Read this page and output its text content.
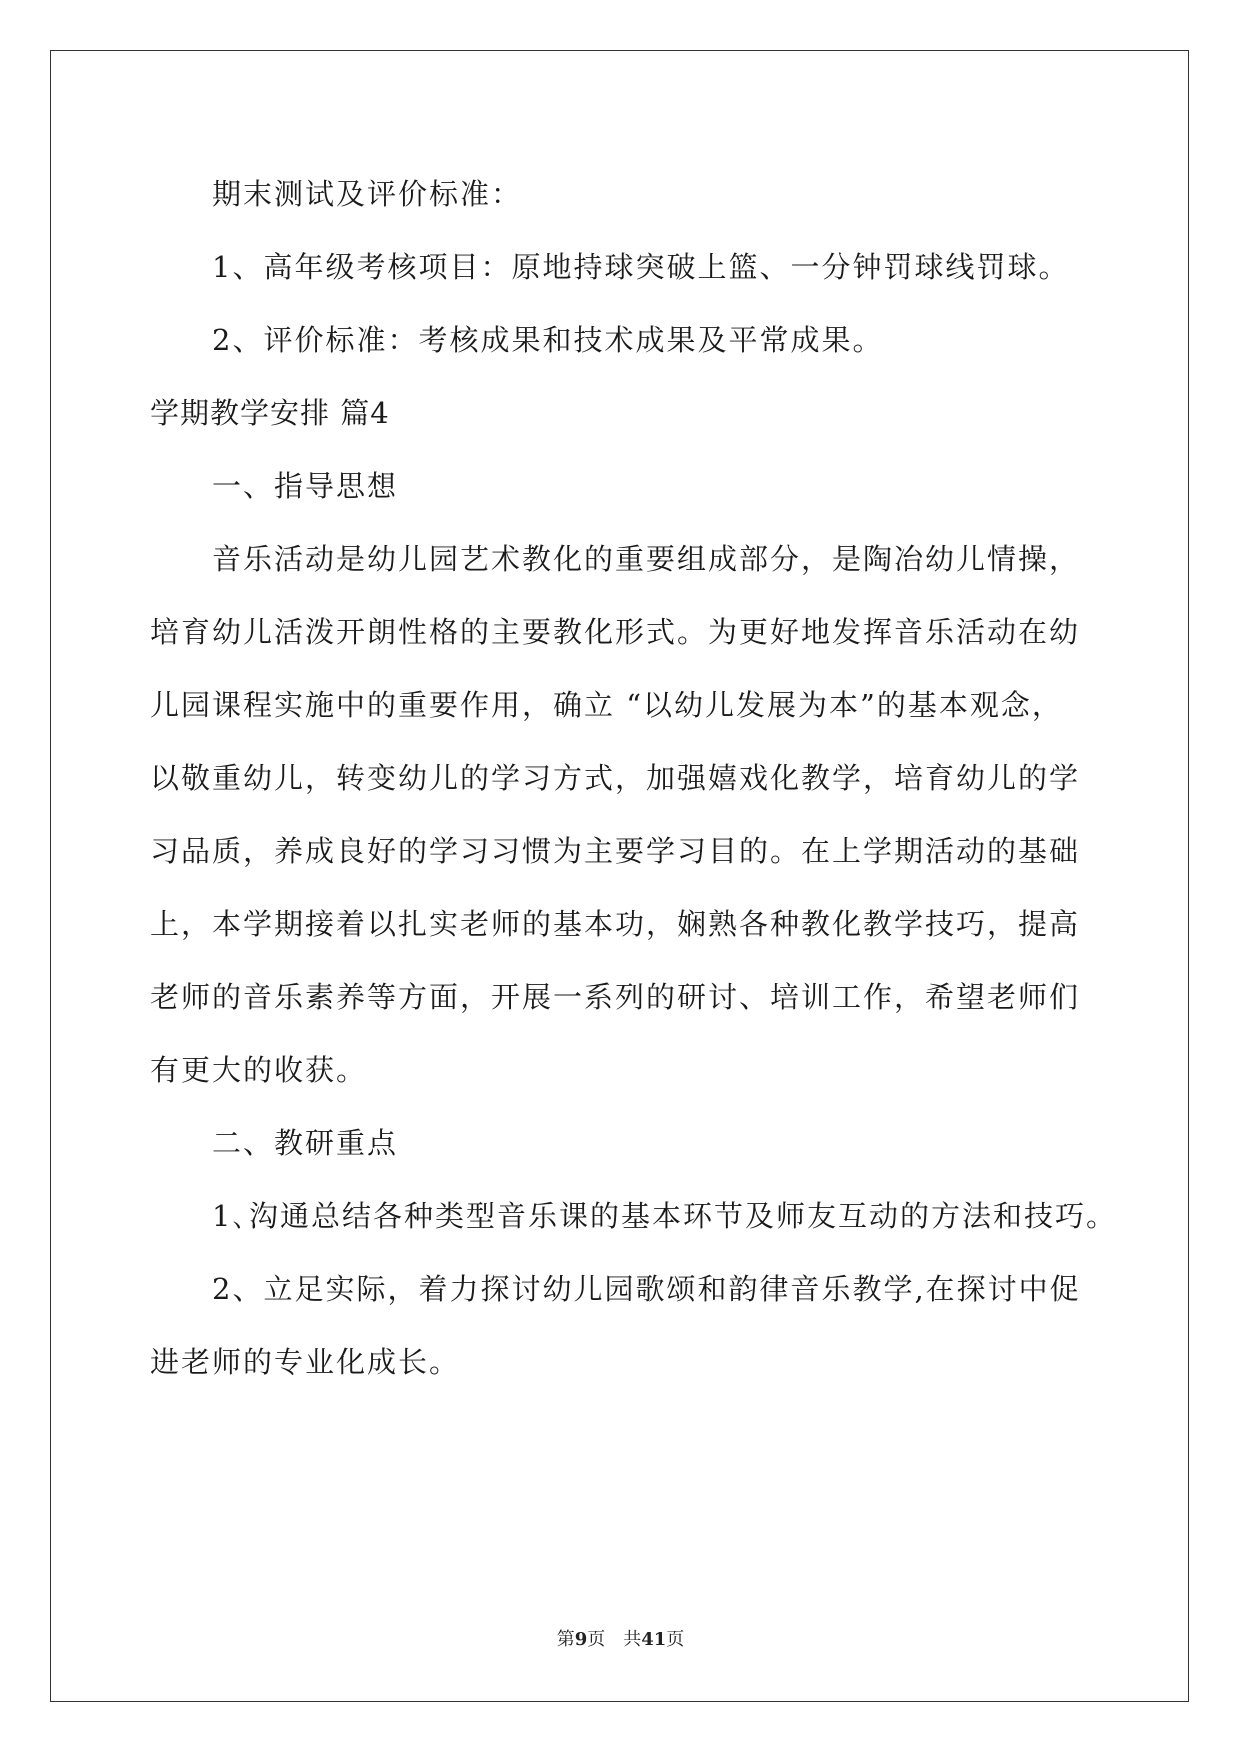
期末测试及评价标准：
1、高年级考核项目：原地持球突破上篮、一分钟罚球线罚球。
2、评价标准：考核成果和技术成果及平常成果。
学期教学安排 篇4
一、指导思想
音乐活动是幼儿园艺术教化的重要组成部分，是陶冶幼儿情操，
培育幼儿活泼开朗性格的主要教化形式。为更好地发挥音乐活动在幼
儿园课程实施中的重要作用，确立 “以幼儿发展为本”的基本观念，
以敬重幼儿，转变幼儿的学习方式，加强嬉戏化教学，培育幼儿的学
习品质，养成良好的学习习惯为主要学习目的。在上学期活动的基础
上，本学期接着以扎实老师的基本功，娴熟各种教化教学技巧，提高
老师的音乐素养等方面，开展一系列的研讨、培训工作，希望老师们
有更大的收获。
二、教研重点
1､沟通总结各种类型音乐课的基本环节及师友互动的方法和技巧。
2、立足实际，着力探讨幼儿园歌颂和韵律音乐教学,在探讨中促
进老师的专业化成长。
第9页 共41页
